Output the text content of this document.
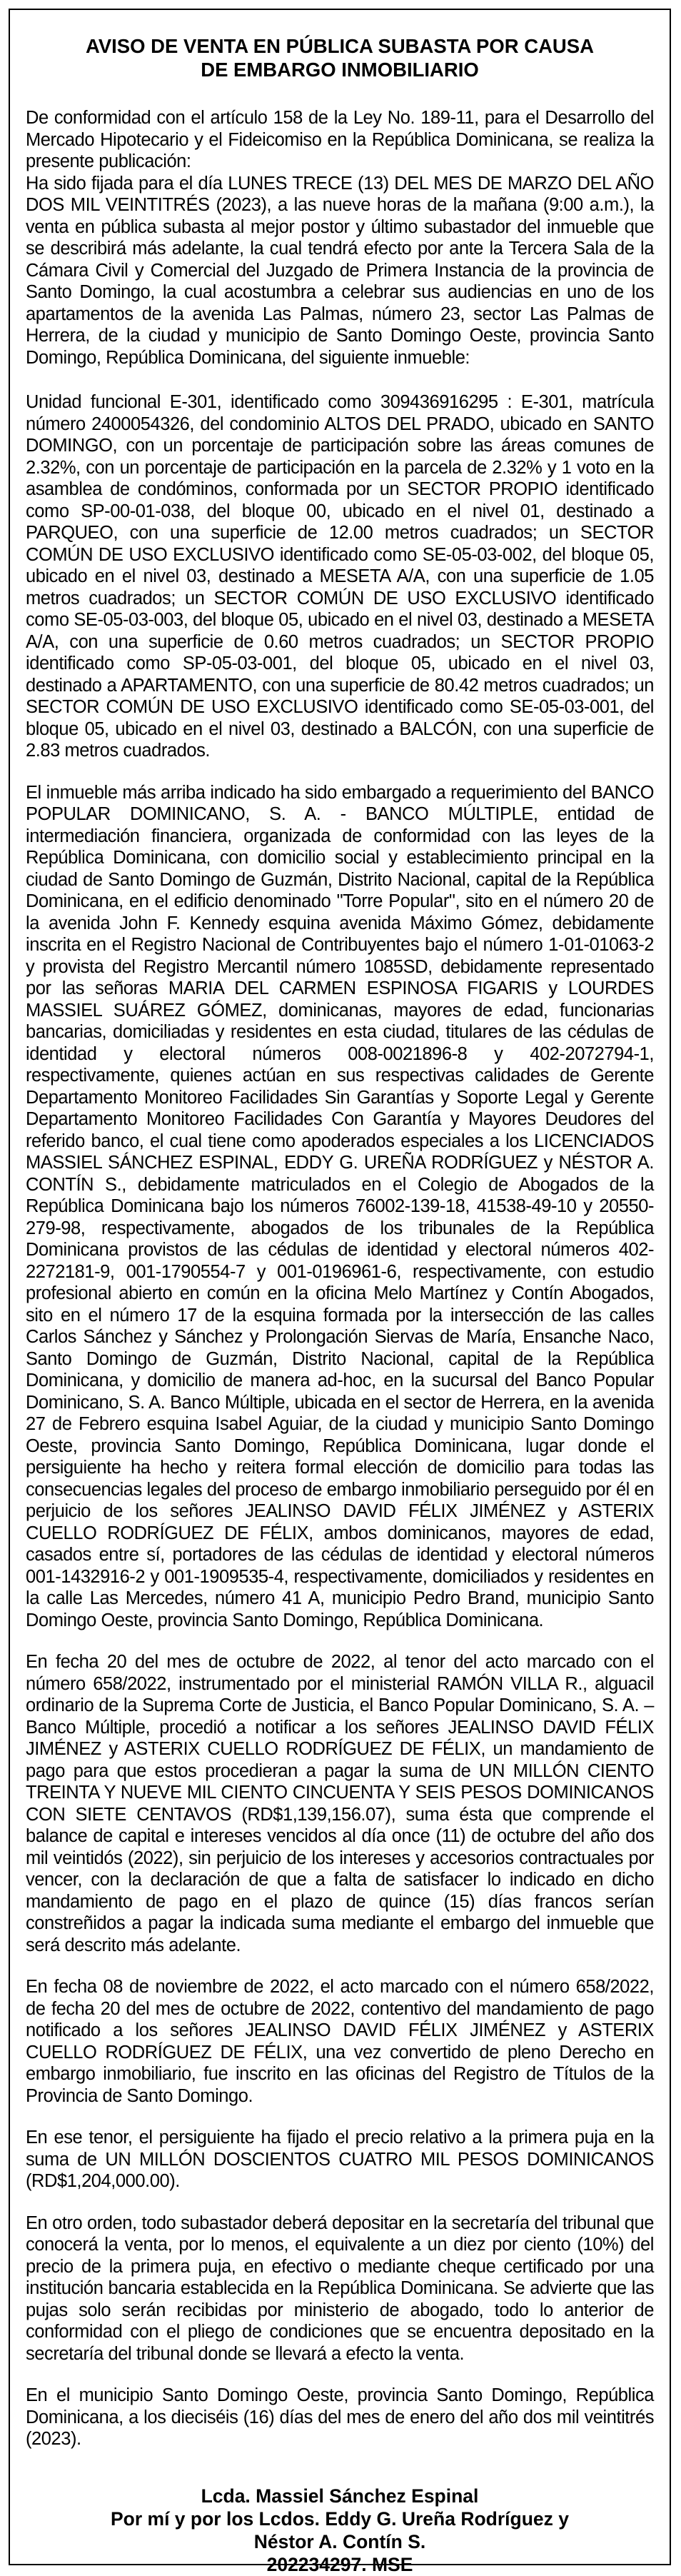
AVISO DE VENTA EN PÚBLICA SUBASTA POR CAUSA
DE EMBARGO INMOBILIARIO

De conformidad con el artículo 158 de la Ley No. 189-11, para el Desarrollo del Mercado Hipotecario y el Fideicomiso en la República Dominicana, se realiza la presente publicación:
Ha sido fijada para el día LUNES TRECE (13) DEL MES DE MARZO DEL AÑO DOS MIL VEINTITRÉS (2023), a las nueve horas de la mañana (9:00 a.m.), la venta en pública subasta al mejor postor y último subastador del inmueble que se describirá más adelante, la cual tendrá efecto por ante la Tercera Sala de la Cámara Civil y Comercial del Juzgado de Primera Instancia de la provincia de Santo Domingo, la cual acostumbra a celebrar sus audiencias en uno de los apartamentos de la avenida Las Palmas, número 23, sector Las Palmas de Herrera, de la ciudad y municipio de Santo Domingo Oeste, provincia Santo Domingo, República Dominicana, del siguiente inmueble:

Unidad funcional E-301, identificado como 309436916295 : E-301, matrícula número 2400054326, del condominio ALTOS DEL PRADO, ubicado en SANTO DOMINGO, con un porcentaje de participación sobre las áreas comunes de 2.32%, con un porcentaje de participación en la parcela de 2.32% y 1 voto en la asamblea de condóminos, conformada por un SECTOR PROPIO identificado como SP-00-01-038, del bloque 00, ubicado en el nivel 01, destinado a PARQUEO, con una superficie de 12.00 metros cuadrados; un SECTOR COMÚN DE USO EXCLUSIVO identificado como SE-05-03-002, del bloque 05, ubicado en el nivel 03, destinado a MESETA A/A, con una superficie de 1.05 metros cuadrados; un SECTOR COMÚN DE USO EXCLUSIVO identificado como SE-05-03-003, del bloque 05, ubicado en el nivel 03, destinado a MESETA A/A, con una superficie de 0.60 metros cuadrados; un SECTOR PROPIO identificado como SP-05-03-001, del bloque 05, ubicado en el nivel 03, destinado a APARTAMENTO, con una superficie de 80.42 metros cuadrados; un SECTOR COMÚN DE USO EXCLUSIVO identificado como SE-05-03-001, del bloque 05, ubicado en el nivel 03, destinado a BALCÓN, con una superficie de 2.83 metros cuadrados.

El inmueble más arriba indicado ha sido embargado a requerimiento del BANCO POPULAR DOMINICANO, S. A. - BANCO MÚLTIPLE, entidad de intermediación financiera, organizada de conformidad con las leyes de la República Dominicana, con domicilio social y establecimiento principal en la ciudad de Santo Domingo de Guzmán, Distrito Nacional, capital de la República Dominicana, en el edificio denominado "Torre Popular", sito en el número 20 de la avenida John F. Kennedy esquina avenida Máximo Gómez, debidamente inscrita en el Registro Nacional de Contribuyentes bajo el número 1-01-01063-2 y provista del Registro Mercantil número 1085SD, debidamente representado por las señoras MARIA DEL CARMEN ESPINOSA FIGARIS y LOURDES MASSIEL SUÁREZ GÓMEZ, dominicanas, mayores de edad, funcionarias bancarias, domiciliadas y residentes en esta ciudad, titulares de las cédulas de identidad y electoral números 008-0021896-8 y 402-2072794-1, respectivamente, quienes actúan en sus respectivas calidades de Gerente Departamento Monitoreo Facilidades Sin Garantías y Soporte Legal y Gerente Departamento Monitoreo Facilidades Con Garantía y Mayores Deudores del referido banco, el cual tiene como apoderados especiales a los LICENCIADOS MASSIEL SÁNCHEZ ESPINAL, EDDY G. UREÑA RODRÍGUEZ y NÉSTOR A. CONTÍN S., debidamente matriculados en el Colegio de Abogados de la República Dominicana bajo los números 76002-139-18, 41538-49-10 y 20550-279-98, respectivamente, abogados de los tribunales de la República Dominicana provistos de las cédulas de identidad y electoral números 402-2272181-9, 001-1790554-7 y 001-0196961-6, respectivamente, con estudio profesional abierto en común en la oficina Melo Martínez y Contín Abogados, sito en el número 17 de la esquina formada por la intersección de las calles Carlos Sánchez y Sánchez y Prolongación Siervas de María, Ensanche Naco, Santo Domingo de Guzmán, Distrito Nacional, capital de la República Dominicana, y domicilio de manera ad-hoc, en la sucursal del Banco Popular Dominicano, S. A. Banco Múltiple, ubicada en el sector de Herrera, en la avenida 27 de Febrero esquina Isabel Aguiar, de la ciudad y municipio Santo Domingo Oeste, provincia Santo Domingo, República Dominicana, lugar donde el persiguiente ha hecho y reitera formal elección de domicilio para todas las consecuencias legales del proceso de embargo inmobiliario perseguido por él en perjuicio de los señores JEALINSO DAVID FÉLIX JIMÉNEZ y ASTERIX CUELLO RODRÍGUEZ DE FÉLIX, ambos dominicanos, mayores de edad, casados entre sí, portadores de las cédulas de identidad y electoral números 001-1432916-2 y 001-1909535-4, respectivamente, domiciliados y residentes en la calle Las Mercedes, número 41 A, municipio Pedro Brand, municipio Santo Domingo Oeste, provincia Santo Domingo, República Dominicana.

En fecha 20 del mes de octubre de 2022, al tenor del acto marcado con el número 658/2022, instrumentado por el ministerial RAMÓN VILLA R., alguacil ordinario de la Suprema Corte de Justicia, el Banco Popular Dominicano, S. A. – Banco Múltiple, procedió a notificar a los señores JEALINSO DAVID FÉLIX JIMÉNEZ y ASTERIX CUELLO RODRÍGUEZ DE FÉLIX, un mandamiento de pago para que estos procedieran a pagar la suma de UN MILLÓN CIENTO TREINTA Y NUEVE MIL CIENTO CINCUENTA Y SEIS PESOS DOMINICANOS CON SIETE CENTAVOS (RD$1,139,156.07), suma ésta que comprende el balance de capital e intereses vencidos al día once (11) de octubre del año dos mil veintidós (2022), sin perjuicio de los intereses y accesorios contractuales por vencer, con la declaración de que a falta de satisfacer lo indicado en dicho mandamiento de pago en el plazo de quince (15) días francos serían constreñidos a pagar la indicada suma mediante el embargo del inmueble que será descrito más adelante.

En fecha 08 de noviembre de 2022, el acto marcado con el número 658/2022, de fecha 20 del mes de octubre de 2022, contentivo del mandamiento de pago notificado a los señores JEALINSO DAVID FÉLIX JIMÉNEZ y ASTERIX CUELLO RODRÍGUEZ DE FÉLIX, una vez convertido de pleno Derecho en embargo inmobiliario, fue inscrito en las oficinas del Registro de Títulos de la Provincia de Santo Domingo.

En ese tenor, el persiguiente ha fijado el precio relativo a la primera puja en la suma de UN MILLÓN DOSCIENTOS CUATRO MIL PESOS DOMINICANOS (RD$1,204,000.00).

En otro orden, todo subastador deberá depositar en la secretaría del tribunal que conocerá la venta, por lo menos, el equivalente a un diez por ciento (10%) del precio de la primera puja, en efectivo o mediante cheque certificado por una institución bancaria establecida en la República Dominicana. Se advierte que las pujas solo serán recibidas por ministerio de abogado, todo lo anterior de conformidad con el pliego de condiciones que se encuentra depositado en la secretaría del tribunal donde se llevará a efecto la venta.

En el municipio Santo Domingo Oeste, provincia Santo Domingo, República Dominicana, a los dieciséis (16) días del mes de enero del año dos mil veintitrés (2023).

Lcda. Massiel Sánchez Espinal
Por mí y por los Lcdos. Eddy G. Ureña Rodríguez y
Néstor A. Contín S.
202234297. MSE
